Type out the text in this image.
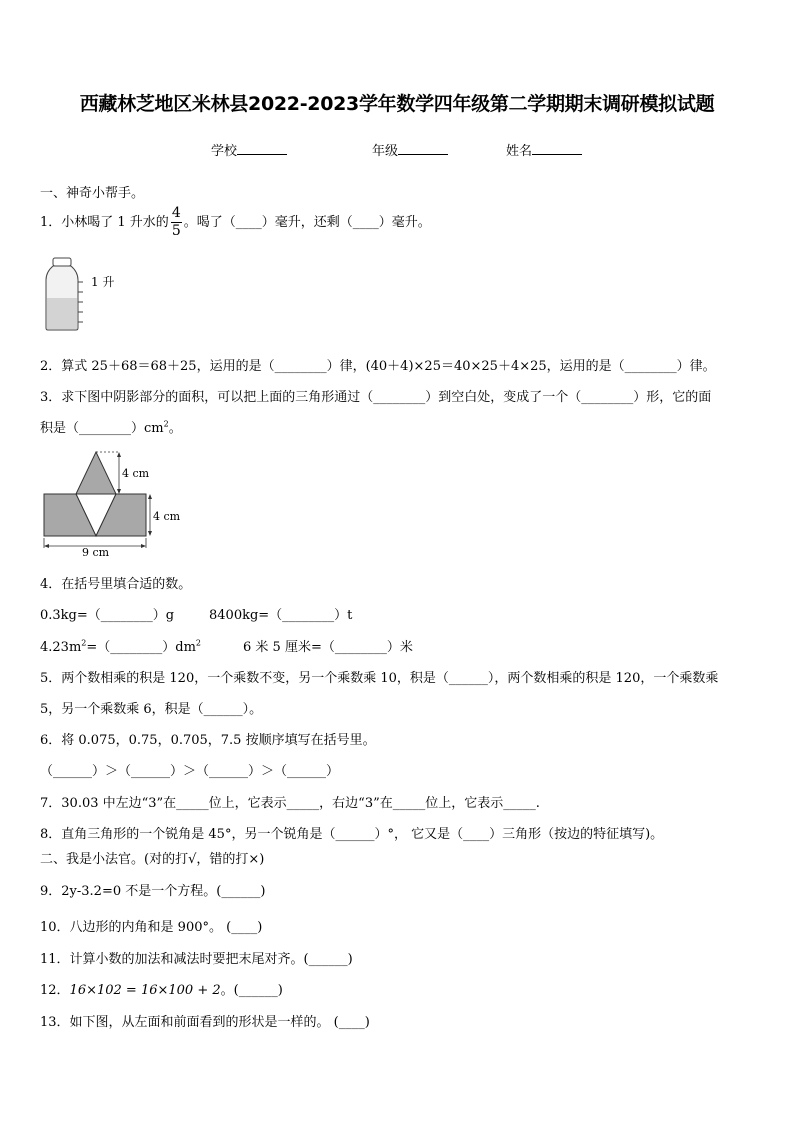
西藏林芝地区米林县2022-2023学年数学四年级第二学期期末调研模拟试题
学校	年级	姓名
一、神奇小帮手。
1．小林喝了 1 升水的 $\frac{4}{5}$ 。喝了（____）毫升，还剩（____）毫升。
1 升
2．算式 25＋68＝68＋25，运用的是（________）律，(40＋4)×25＝40×25＋4×25，运用的是（________）律。
3．求下图中阴影部分的面积，可以把上面的三角形通过（________）到空白处，变成了一个（________）形，它的面
积是$(\_\_\_\_\_\_\_\_)cm^2$。
4 cm
4 cm
9 cm
4．在括号里填合适的数。
0.3kg=（________）g	8400kg=（________）t
$4.23m^2=(\_\_\_\_\_\_\_\_)dm^2$	6 米 5 厘米=（________）米
5．两个数相乘的积是 120，一个乘数不变，另一个乘数乘 10，积是（______），两个数相乘的积是 120，一个乘数乘
5，另一个乘数乘 6，积是（______）。
6．将 0.075，0.75，0.705，7.5 按顺序填写在括号里。
（______）＞（______）＞（______）＞（______）
7．30.03 中左边“3”在_____位上，它表示_____，右边“3”在_____位上，它表示_____.
8．直角三角形的一个锐角是 45°，另一个锐角是（______）°， 它又是（____）三角形（按边的特征填写)。
二、我是小法官。(对的打√，错的打×)
9．2y-3.2=0 不是一个方程。(______)
10．八边形的内角和是 900°。 (____)
11．计算小数的加法和减法时要把末尾对齐。(______)
12．16×102 = 16×100 + 2。(______)
13．如下图，从左面和前面看到的形状是一样的。 (____)
